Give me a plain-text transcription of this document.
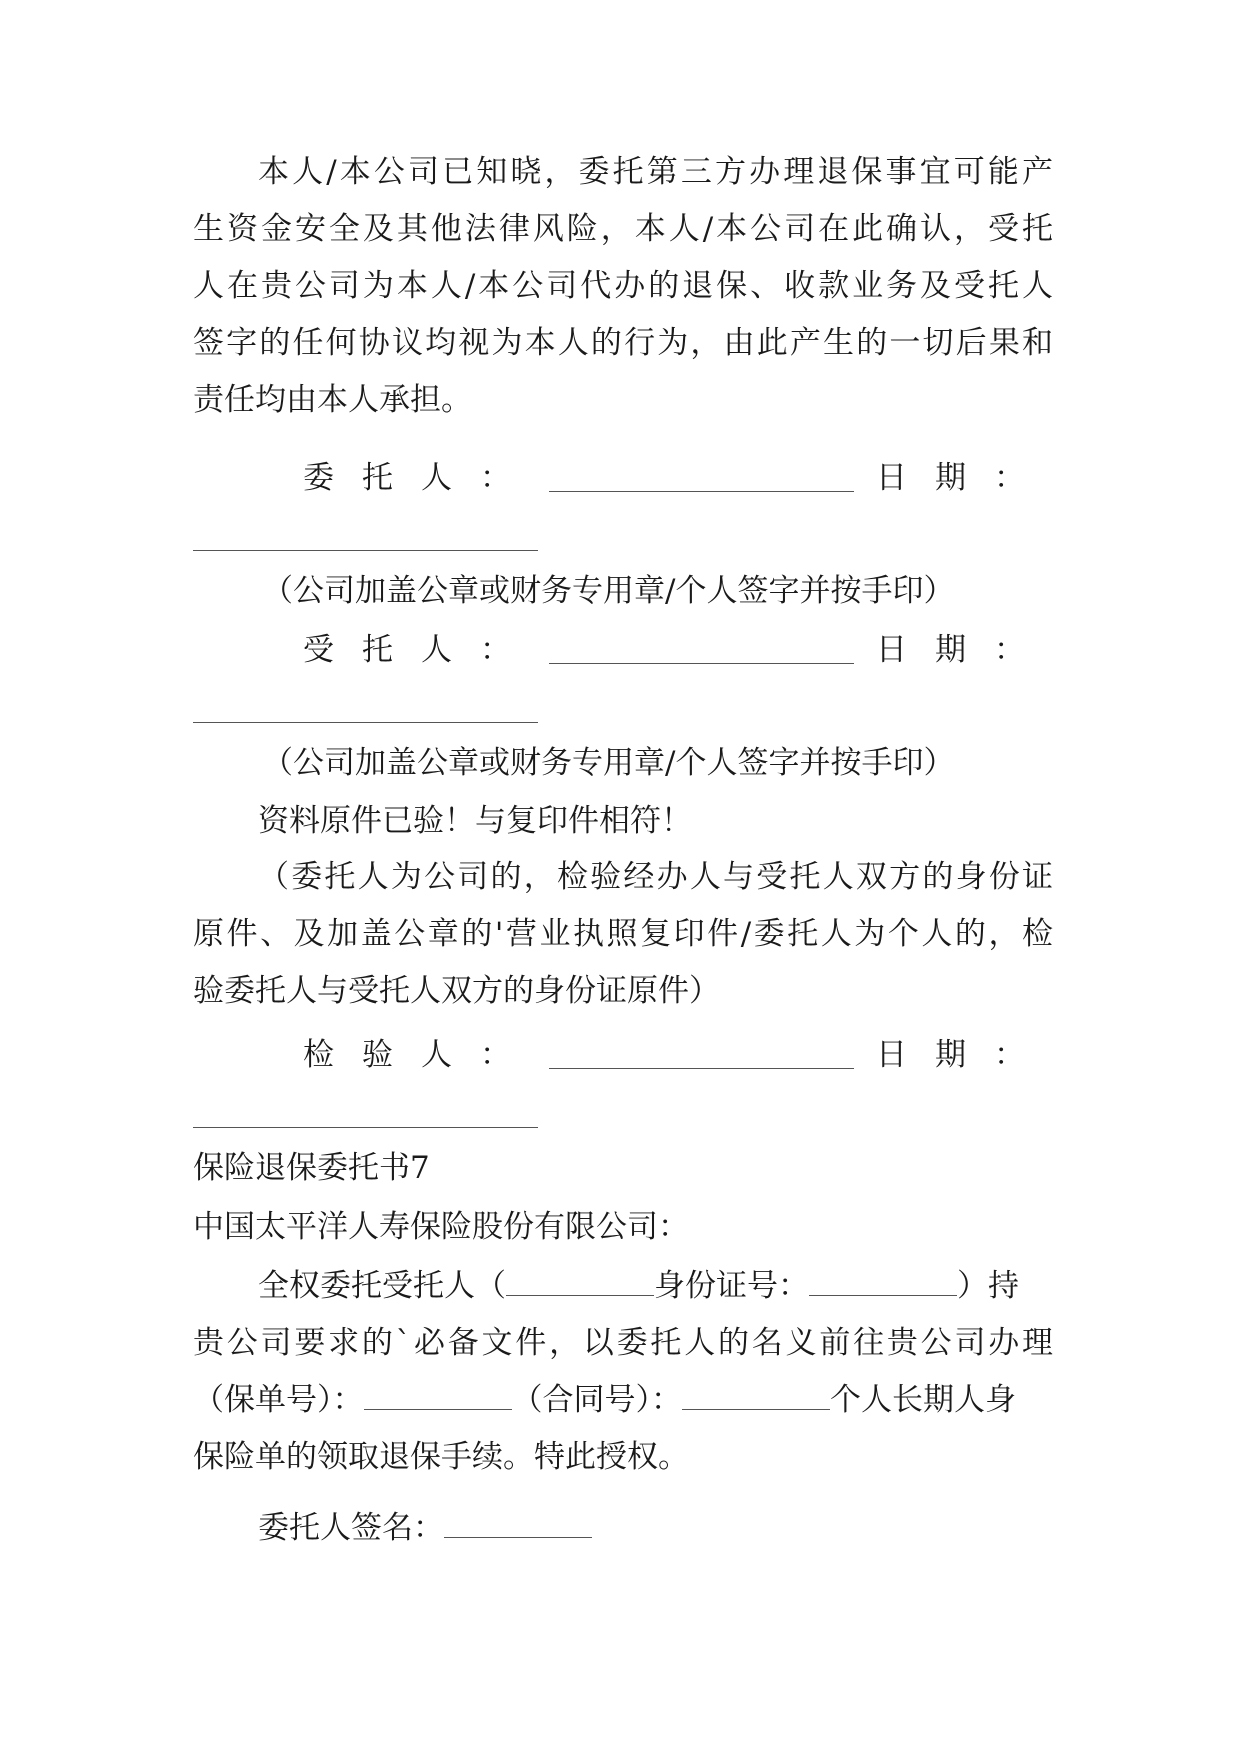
本人/本公司已知晓，委托第三方办理退保事宜可能产
生资金安全及其他法律风险，本人/本公司在此确认，受托
人在贵公司为本人/本公司代办的退保、收款业务及受托人
签字的任何协议均视为本人的行为，由此产生的一切后果和
责任均由本人承担。
委托人：	日期：
（公司加盖公章或财务专用章/个人签字并按手印）
受托人：	日期：
（公司加盖公章或财务专用章/个人签字并按手印）
资料原件已验！与复印件相符！
（委托人为公司的，检验经办人与受托人双方的身份证
原件、及加盖公章的'营业执照复印件/委托人为个人的，检
验委托人与受托人双方的身份证原件）
检验人：	日期：
保险退保委托书7
中国太平洋人寿保险股份有限公司：
全权委托受托人（	身份证号：	）持
贵公司要求的`必备文件，以委托人的名义前往贵公司办理
（保单号）：	（合同号）：	个人长期人身
保险单的领取退保手续。特此授权。
委托人签名：
